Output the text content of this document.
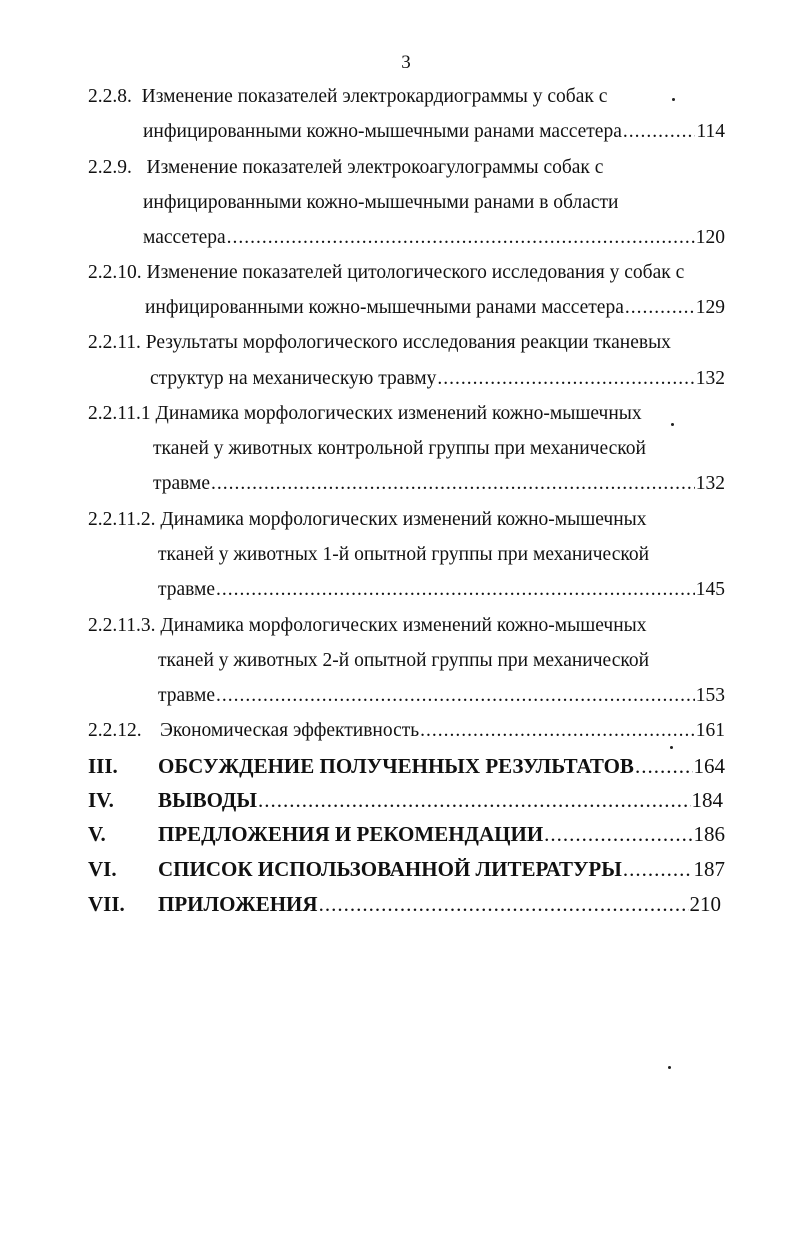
3
2.2.8. Изменение показателей электрокардиограммы у собак с
инфицированными кожно-мышечными ранами массетера .....	114
2.2.9. Изменение показателей электрокоагулограммы собак с
инфицированными кожно-мышечными ранами в области
массетера .....	120
2.2.10. Изменение показателей цитологического исследования у собак с
инфицированными кожно-мышечными ранами массетера .....	129
2.2.11. Результаты морфологического исследования реакции тканевых
структур на механическую травму .....	132
2.2.11.1 Динамика морфологических изменений кожно-мышечных
тканей у животных контрольной группы при механической
травме .....	132
2.2.11.2. Динамика морфологических изменений кожно-мышечных
тканей у животных 1-й опытной группы при механической
травме .....	145
2.2.11.3. Динамика морфологических изменений кожно-мышечных
тканей у животных 2-й опытной группы при механической
травме .....	153
2.2.12. Экономическая эффективность .....	161
III. ОБСУЖДЕНИЕ ПОЛУЧЕННЫХ РЕЗУЛЬТАТОВ .....	164
IV. ВЫВОДЫ .....	184
V. ПРЕДЛОЖЕНИЯ И РЕКОМЕНДАЦИИ .....	186
VI. СПИСОК ИСПОЛЬЗОВАННОЙ ЛИТЕРАТУРЫ .....	187
VII. ПРИЛОЖЕНИЯ .....	210
